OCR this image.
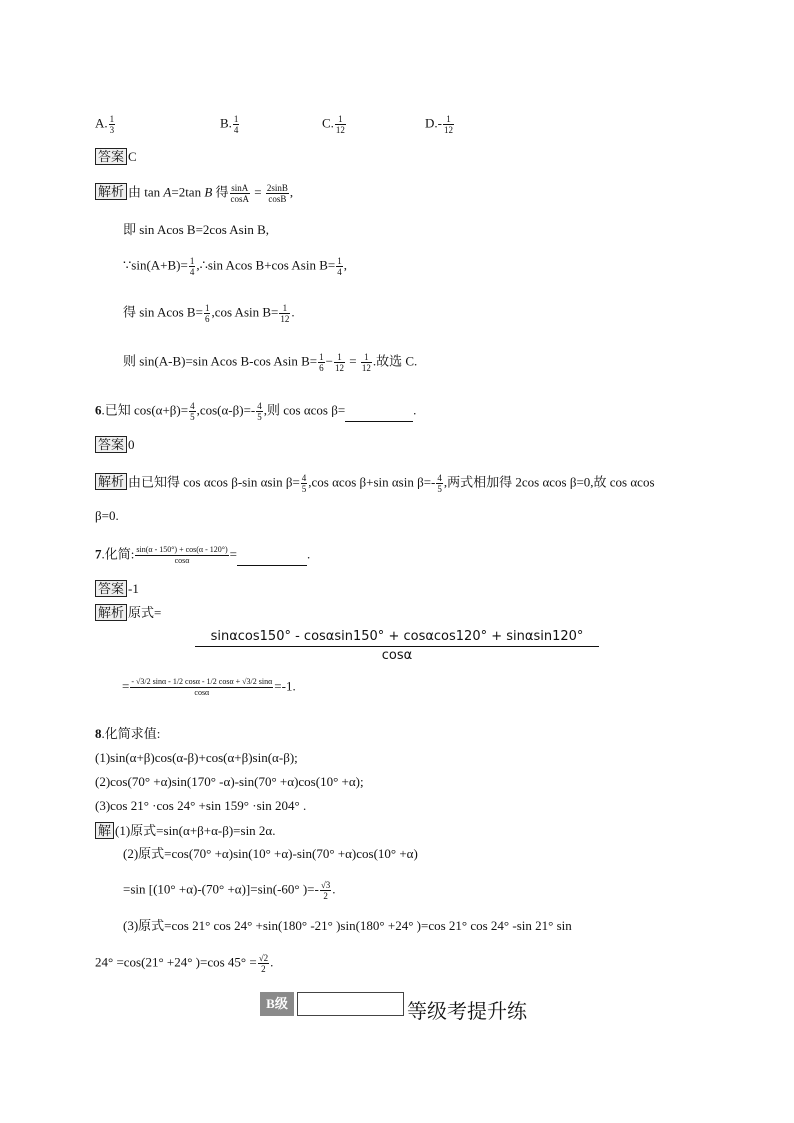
A. $\frac{1}{3}$	B. $\frac{1}{4}$	C. $\frac{1}{12}$	$D.- \frac{1}{12}$
答案 C
解析 由 tan A=2tan B 得 $\frac{\sin A}{\cos A} = \frac{2\sin B}{\cos B}$ ,
即 sin Acos B=2cos Asin B,
∵sin(A+B)= $\frac{1}{4}$ ,∴sin Acos B+cos Asin $B= \frac{1}{4}$ ,
得 sin Acos $B= \frac{1}{6} ,\cos$ Asin $B= \frac{1}{12}$ .
则 sin(A-B)=sin Acos B-cos Asin $B= \frac{1}{6} - \frac{1}{12} = \frac{1}{12}$ .故选 C.
6.已知 $\cos(\alpha+\beta)= \frac{4}{5} ,\cos(\alpha-\beta)=- \frac{4}{5}$ ,则 cos αcos β=	.
答案 0
解析 由已知得 cos αcos β-sin αsin $\beta= \frac{4}{5} ,\cos$ αcos β+sin αsin $\beta=- \frac{4}{5}$ ,两式相加得 2cos αcos β=0,故 cos αcos
β=0.
7.化简: $\frac{\sin(\alpha - 150^\circ) + \cos(\alpha - 120^\circ)}{\cos\alpha}$ =	.
答案 -1
解析 原式=
$\frac{\sin\alpha\cos 150^\circ - \cos\alpha\sin 150^\circ + \cos\alpha\cos 120^\circ + \sin\alpha\sin 120^\circ}{\cos\alpha}$
= $\frac{- √3/2 \sin\alpha - 1/2 \cos\alpha - 1/2 \cos\alpha + √3/2 \sin\alpha}{\cos\alpha} =-1$.
8.化简求值:
(1)sin(α+β)cos(α-β)+cos(α+β)sin(α-β);
(2)cos(70° +α)sin(170° -α)-sin(70° +α)cos(10° +α);
(3)cos 21° ·cos 24° +sin 159° ·sin 204° .
解 (1)原式=sin(α+β+α-β)=sin 2α.
(2)原式=cos(70° +α)sin(10° +α)-sin(70° +α)cos(10° +α)
=sin [(10° +α)-(70° +α)]=sin(-60° )=- $\frac{√3}{2}$ .
(3)原式=cos 21° cos 24° +sin(180° -21° )sin(180° +24° )=cos 21° cos 24° -sin 21° sin
24° =cos(21° +24° )=cos $45^\circ = \frac{√2}{2}$ .
B级	等级考提升练
